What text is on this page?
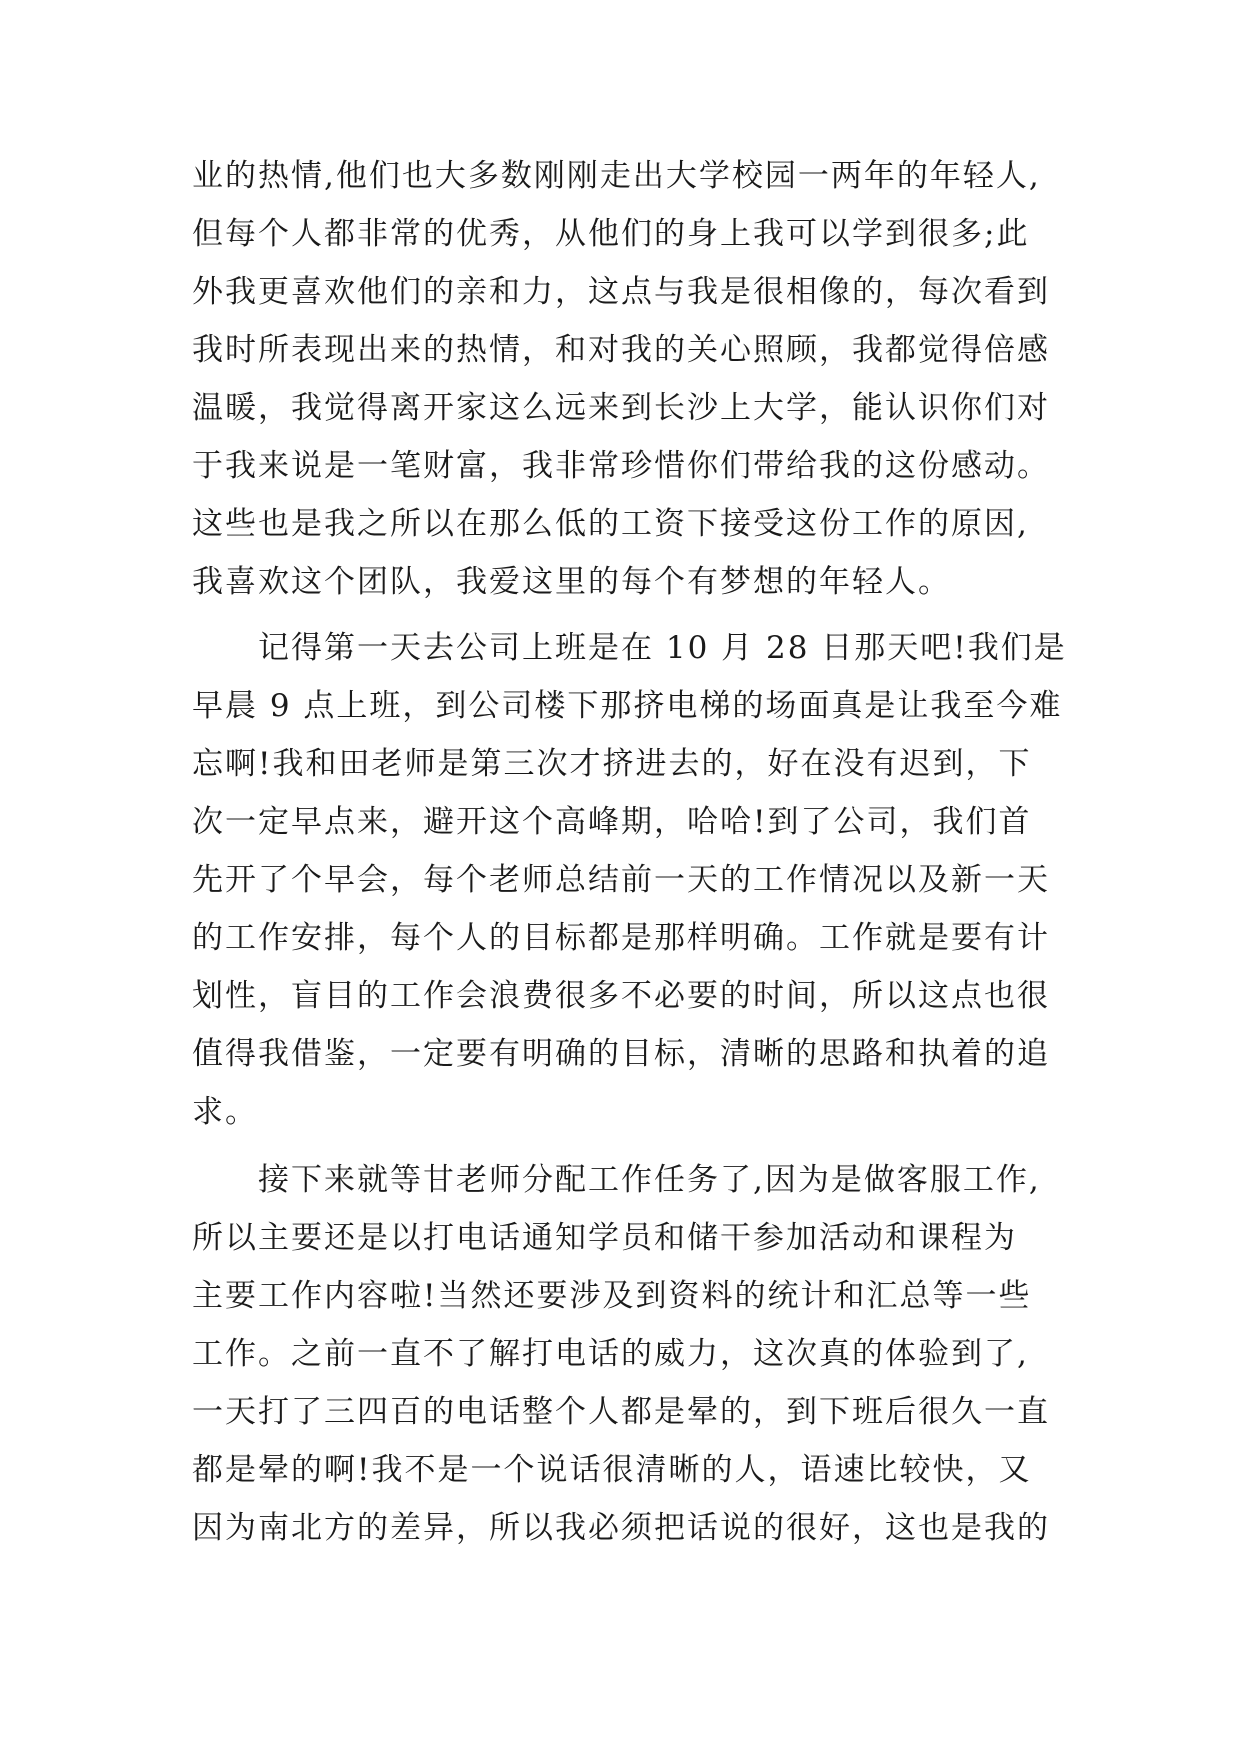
业的热情,他们也大多数刚刚走出大学校园一两年的年轻人,
但每个人都非常的优秀，从他们的身上我可以学到很多;此
外我更喜欢他们的亲和力，这点与我是很相像的，每次看到
我时所表现出来的热情，和对我的关心照顾，我都觉得倍感
温暖，我觉得离开家这么远来到长沙上大学，能认识你们对
于我来说是一笔财富，我非常珍惜你们带给我的这份感动。
这些也是我之所以在那么低的工资下接受这份工作的原因,
我喜欢这个团队，我爱这里的每个有梦想的年轻人。
记得第一天去公司上班是在 10 月 28 日那天吧!我们是
早晨 9 点上班，到公司楼下那挤电梯的场面真是让我至今难
忘啊!我和田老师是第三次才挤进去的，好在没有迟到，下
次一定早点来，避开这个高峰期，哈哈!到了公司，我们首
先开了个早会，每个老师总结前一天的工作情况以及新一天
的工作安排，每个人的目标都是那样明确。工作就是要有计
划性，盲目的工作会浪费很多不必要的时间，所以这点也很
值得我借鉴，一定要有明确的目标，清晰的思路和执着的追
求。
接下来就等甘老师分配工作任务了,因为是做客服工作,
所以主要还是以打电话通知学员和储干参加活动和课程为
主要工作内容啦!当然还要涉及到资料的统计和汇总等一些
工作。之前一直不了解打电话的威力，这次真的体验到了,
一天打了三四百的电话整个人都是晕的，到下班后很久一直
都是晕的啊!我不是一个说话很清晰的人，语速比较快，又
因为南北方的差异，所以我必须把话说的很好，这也是我的
